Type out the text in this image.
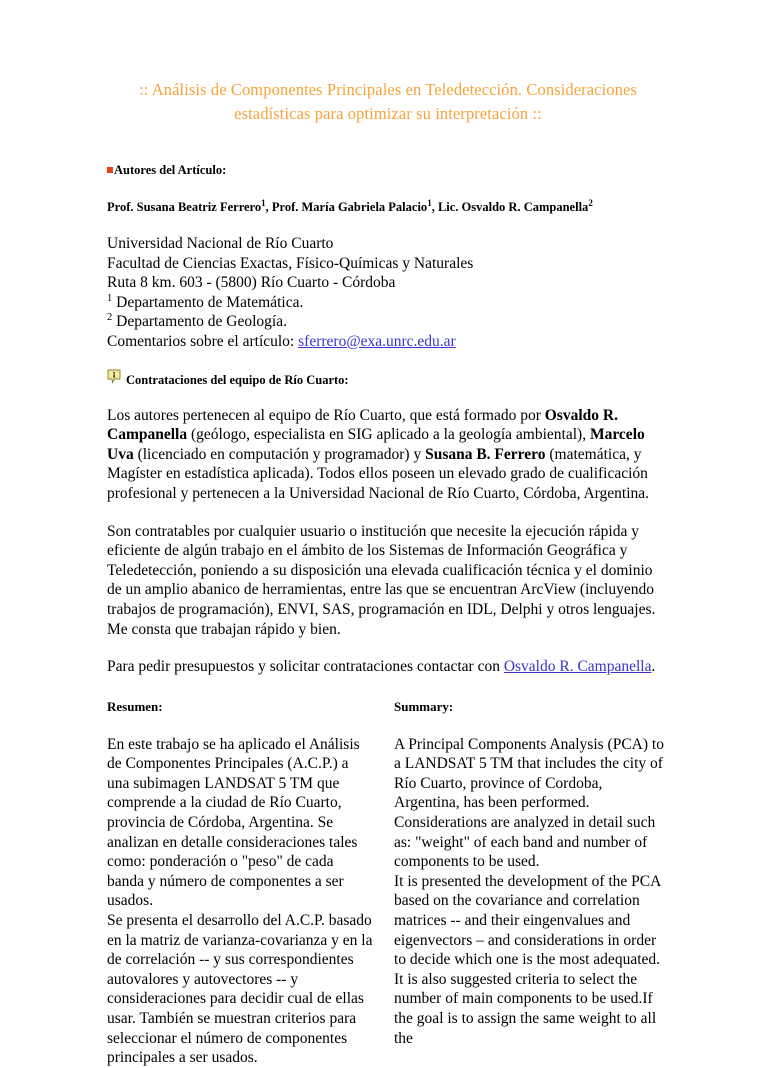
:: Análisis de Componentes Principales en Teledetección. Consideraciones estadísticas para optimizar su interpretación ::
Autores del Artículo:
Prof. Susana Beatriz Ferrero$^1$, Prof. María Gabriela Palacio$^1$, Lic. Osvaldo R. Campanella$^2$
Universidad Nacional de Río Cuarto
Facultad de Ciencias Exactas, Físico-Químicas y Naturales
Ruta 8 km. 603 - (5800) Río Cuarto - Córdoba
$^1$ Departamento de Matemática.
$^2$ Departamento de Geología.
Comentarios sobre el artículo: sferrero@exa.unrc.edu.ar
Contrataciones del equipo de Río Cuarto:

Los autores pertenecen al equipo de Río Cuarto, que está formado por Osvaldo R. Campanella (geólogo, especialista en SIG aplicado a la geología ambiental), Marcelo Uva (licenciado en computación y programador) y Susana B. Ferrero (matemática, y Magíster en estadística aplicada). Todos ellos poseen un elevado grado de cualificación profesional y pertenecen a la Universidad Nacional de Río Cuarto, Córdoba, Argentina.

Son contratables por cualquier usuario o institución que necesite la ejecución rápida y eficiente de algún trabajo en el ámbito de los Sistemas de Información Geográfica y Teledetección, poniendo a su disposición una elevada cualificación técnica y el dominio de un amplio abanico de herramientas, entre las que se encuentran ArcView (incluyendo trabajos de programación), ENVI, SAS, programación en IDL, Delphi y otros lenguajes. Me consta que trabajan rápido y bien.

Para pedir presupuestos y solicitar contrataciones contactar con Osvaldo R. Campanella.

Resumen:

En este trabajo se ha aplicado el Análisis de Componentes Principales (A.C.P.) a una subimagen LANDSAT 5 TM que comprende a la ciudad de Río Cuarto, provincia de Córdoba, Argentina. Se analizan en detalle consideraciones tales como: ponderación o "peso" de cada banda y número de componentes a ser usados.

Se presenta el desarrollo del A.C.P. basado en la matriz de varianza-covarianza y en la de correlación -- y sus correspondientes autovalores y autovectores -- y consideraciones para decidir cual de ellas usar. También se muestran criterios para seleccionar el número de componentes principales a ser usados.

Summary:

A Principal Components Analysis (PCA) to a LANDSAT 5 TM that includes the city of Río Cuarto, province of Cordoba, Argentina, has been performed. Considerations are analyzed in detail such as: "weight" of each band and number of components to be used.

It is presented the development of the PCA based on the covariance and correlation matrices -- and their eingenvalues and eigenvectors – and considerations in order to decide which one is the most adequated. It is also suggested criteria to select the number of main components to be used.If the goal is to assign the same weight to all the
